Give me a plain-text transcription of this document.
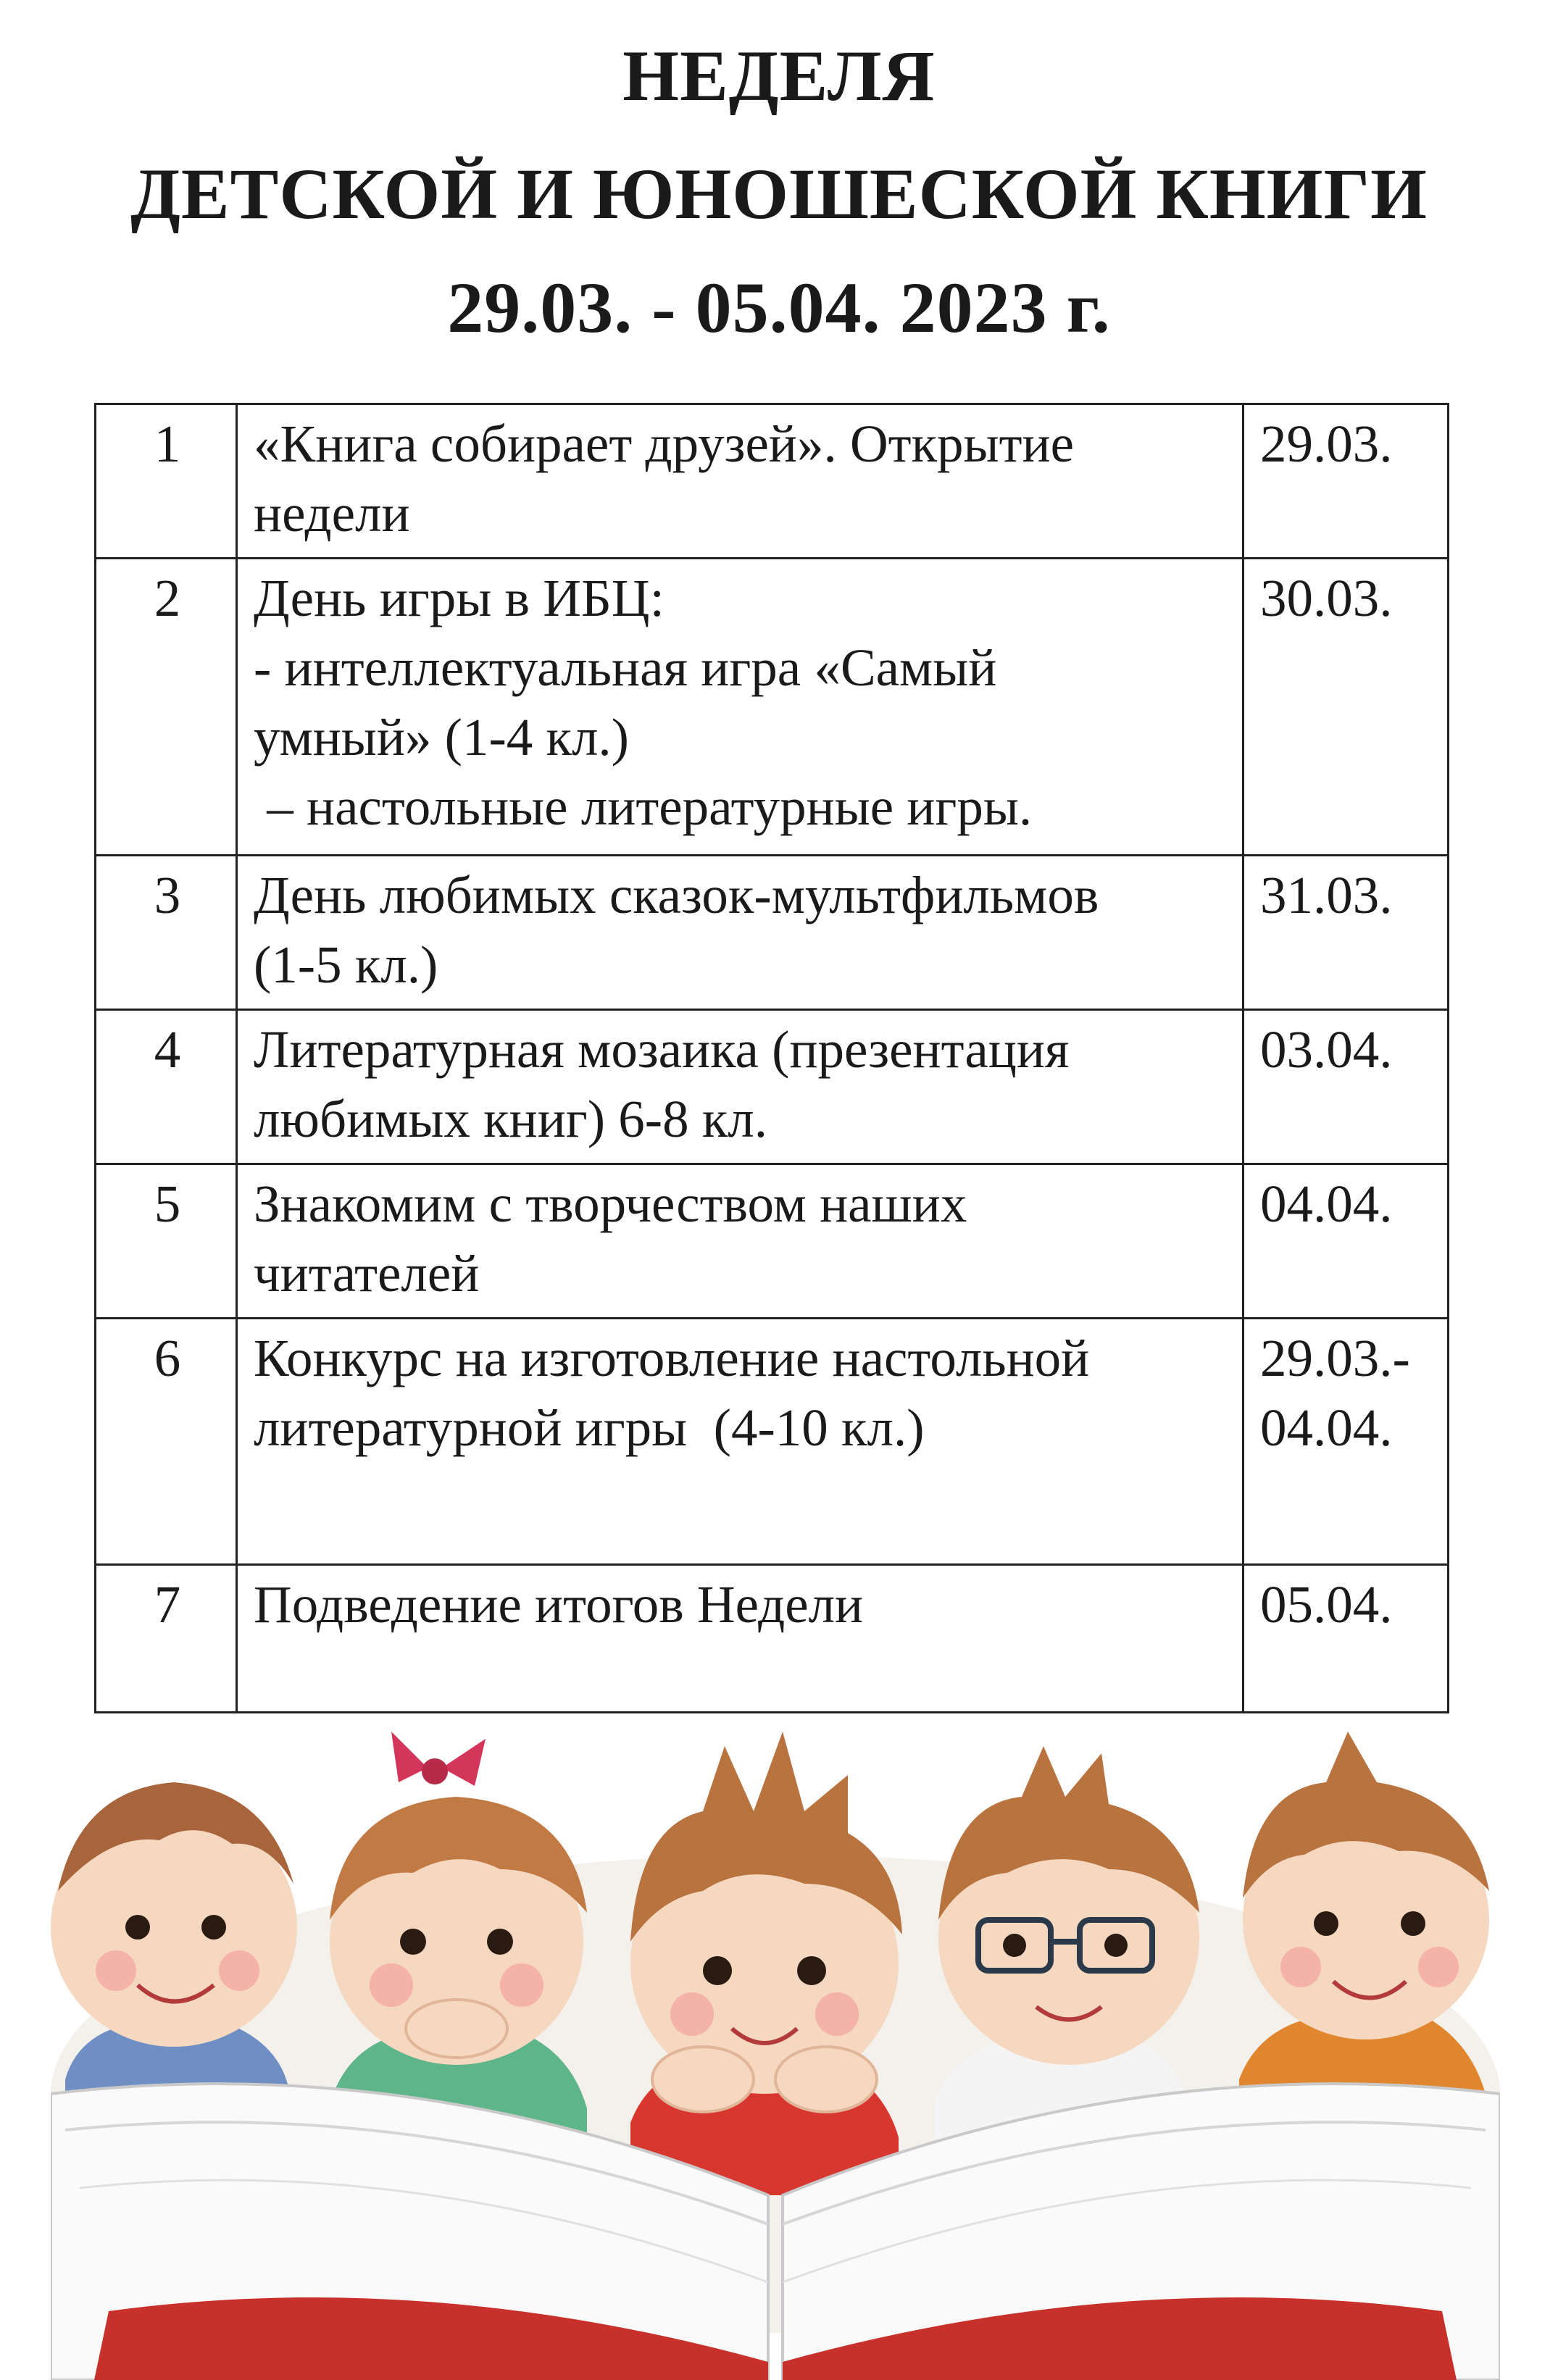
НЕДЕЛЯ
ДЕТСКОЙ И ЮНОШЕСКОЙ КНИГИ
29.03. - 05.04. 2023 г.
1	«Книга собирает друзей». Открытие
недели	29.03.

2	День игры в ИБЦ:
- интеллектуальная игра «Самый
умный» (1-4 кл.)
– настольные литературные игры.	30.03.

3	День любимых сказок-мультфильмов
(1-5 кл.)	31.03.

4	Литературная мозаика (презентация
любимых книг) 6-8 кл.	03.04.

5	Знакомим с творчеством наших
читателей	04.04.

6	Конкурс на изготовление настольной
литературной игры  (4-10 кл.)	29.03.-
04.04.

7	Подведение итогов Недели	05.04.
